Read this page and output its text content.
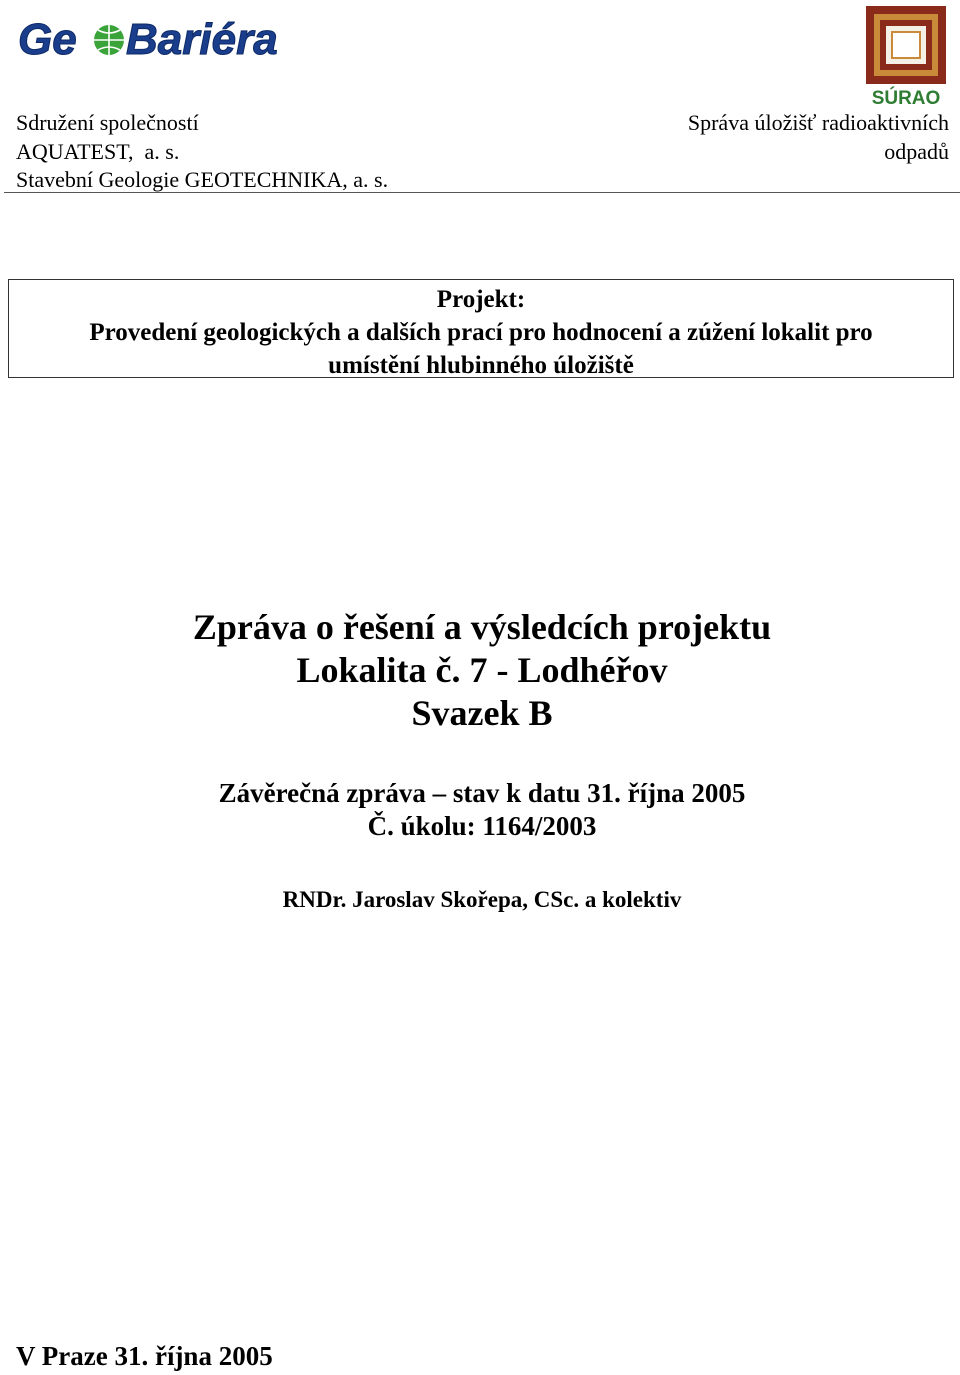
Ge Bariéra
SÚRAO
Sdružení společností
AQUATEST,  a. s.
Stavební Geologie GEOTECHNIKA, a. s.
Správa úložišť radioaktivních
odpadů
Projekt:
Provedení geologických a dalších prací pro hodnocení a zúžení lokalit pro
umístění hlubinného úložiště
Zpráva o řešení a výsledcích projektu
Lokalita č. 7 - Lodhéřov
Svazek B
Závěrečná zpráva – stav k datu 31. října 2005
Č. úkolu: 1164/2003
RNDr. Jaroslav Skořepa, CSc. a kolektiv
V Praze 31. října 2005
